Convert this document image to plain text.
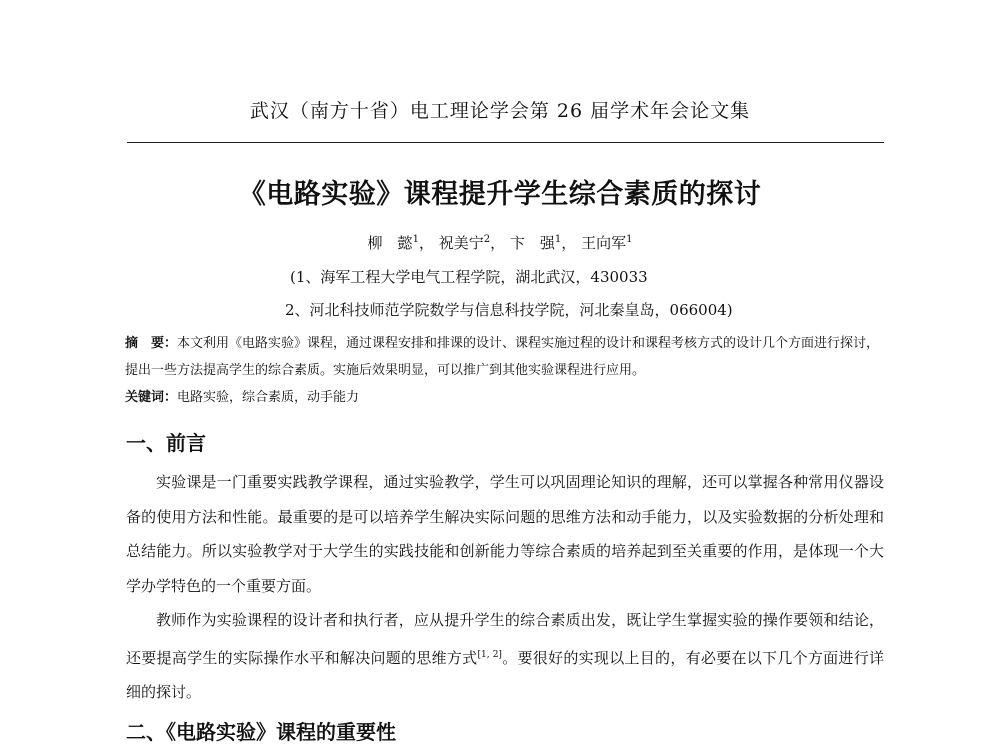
武汉（南方十省）电工理论学会第 26 届学术年会论文集
《电路实验》课程提升学生综合素质的探讨
柳　懿$^1$， 祝美宁$^2$， 卞　强$^1$， 王向军$^1$
(1、海军工程大学电气工程学院，湖北武汉，430033
2、河北科技师范学院数学与信息科技学院，河北秦皇岛，066004)
摘　要：本文利用《电路实验》课程，通过课程安排和排课的设计、课程实施过程的设计和课程考核方式的设计几个方面进行探讨，提出一些方法提高学生的综合素质。实施后效果明显，可以推广到其他实验课程进行应用。
关键词：电路实验，综合素质，动手能力
一、前言
实验课是一门重要实践教学课程，通过实验教学，学生可以巩固理论知识的理解，还可以掌握各种常用仪器设备的使用方法和性能。最重要的是可以培养学生解决实际问题的思维方法和动手能力，以及实验数据的分析处理和总结能力。所以实验教学对于大学生的实践技能和创新能力等综合素质的培养起到至关重要的作用，是体现一个大学办学特色的一个重要方面。
教师作为实验课程的设计者和执行者，应从提升学生的综合素质出发，既让学生掌握实验的操作要领和结论，还要提高学生的实际操作水平和解决问题的思维方式[1, 2]。要很好的实现以上目的，有必要在以下几个方面进行详细的探讨。
二、《电路实验》课程的重要性
